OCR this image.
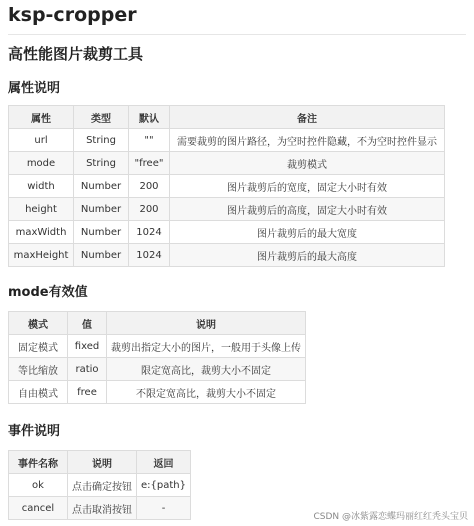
ksp-cropper
高性能图片裁剪工具
属性说明
属性	类型	默认	备注
url	String	""	需要裁剪的图片路径，为空时控件隐藏，不为空时控件显示
mode	String	"free"	裁剪模式
width	Number	200	图片裁剪后的宽度，固定大小时有效
height	Number	200	图片裁剪后的高度，固定大小时有效
maxWidth	Number	1024	图片裁剪后的最大宽度
maxHeight	Number	1024	图片裁剪后的最大高度
mode有效值
模式	值	说明
固定模式	fixed	裁剪出指定大小的图片，一般用于头像上传
等比缩放	ratio	限定宽高比，裁剪大小不固定
自由模式	free	不限定宽高比，裁剪大小不固定
事件说明
事件名称	说明	返回
ok	点击确定按钮	e:{path}
cancel	点击取消按钮	-
CSDN @冰紫露恋蝶玛丽红红秃头宝贝
